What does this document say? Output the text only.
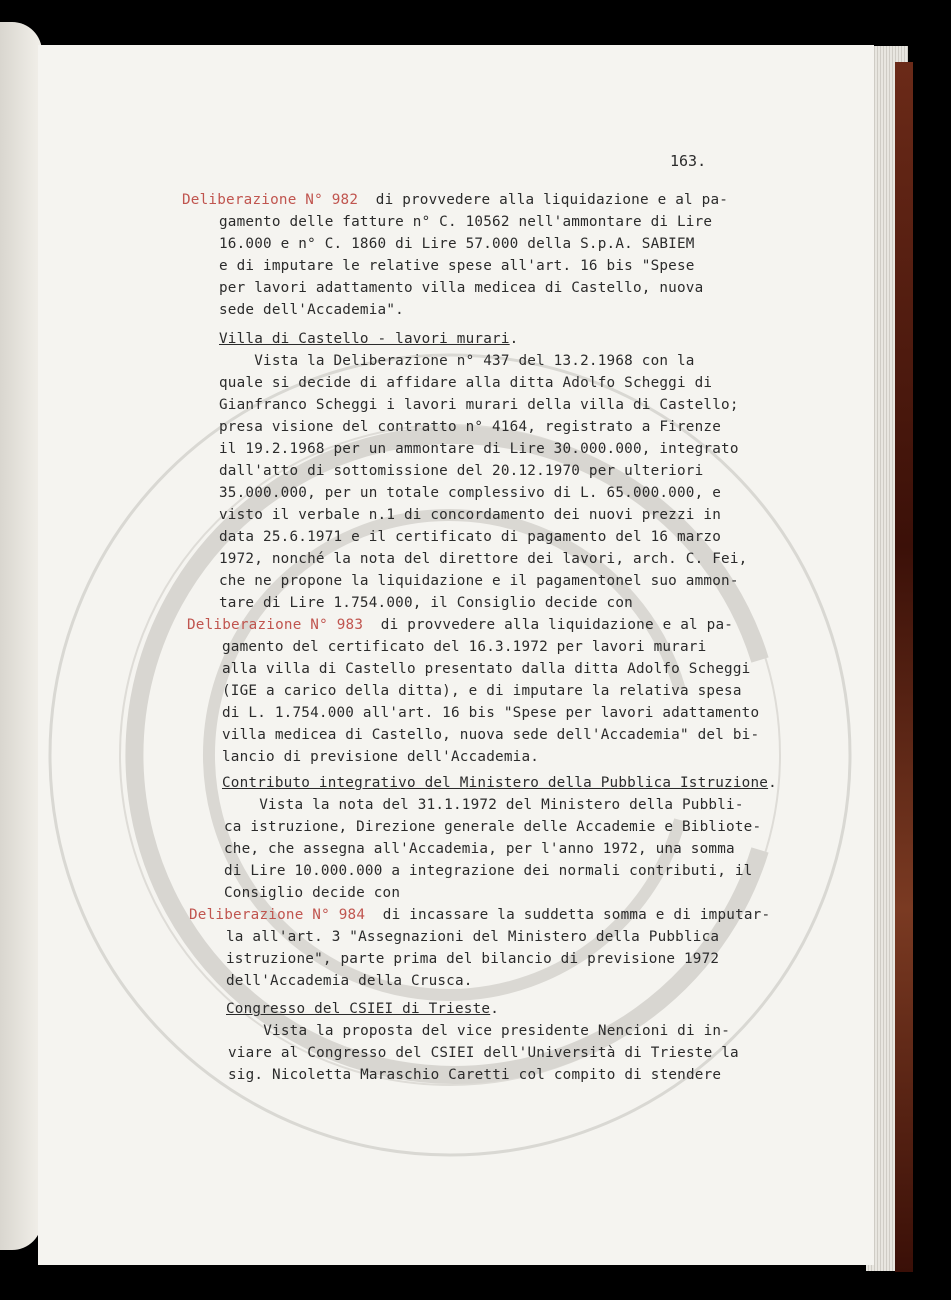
163.
Deliberazione N° 982  di provvedere alla liquidazione e al pa-
gamento delle fatture n° C. 10562 nell'ammontare di Lire
16.000 e n° C. 1860 di Lire 57.000 della S.p.A. SABIEM
e di imputare le relative spese all'art. 16 bis "Spese
per lavori adattamento villa medicea di Castello, nuova
sede dell'Accademia".
Villa di Castello - lavori murari.
Vista la Deliberazione n° 437 del 13.2.1968 con la
quale si decide di affidare alla ditta Adolfo Scheggi di
Gianfranco Scheggi i lavori murari della villa di Castello;
presa visione del contratto n° 4164, registrato a Firenze
il 19.2.1968 per un ammontare di Lire 30.000.000, integrato
dall'atto di sottomissione del 20.12.1970 per ulteriori
35.000.000, per un totale complessivo di L. 65.000.000, e
visto il verbale n.1 di concordamento dei nuovi prezzi in
data 25.6.1971 e il certificato di pagamento del 16 marzo
1972, nonché la nota del direttore dei lavori, arch. C. Fei,
che ne propone la liquidazione e il pagamentonel suo ammon-
tare di Lire 1.754.000, il Consiglio decide con
Deliberazione N° 983  di provvedere alla liquidazione e al pa-
gamento del certificato del 16.3.1972 per lavori murari
alla villa di Castello presentato dalla ditta Adolfo Scheggi
(IGE a carico della ditta), e di imputare la relativa spesa
di L. 1.754.000 all'art. 16 bis "Spese per lavori adattamento
villa medicea di Castello, nuova sede dell'Accademia" del bi-
lancio di previsione dell'Accademia.
Contributo integrativo del Ministero della Pubblica Istruzione.
Vista la nota del 31.1.1972 del Ministero della Pubbli-
ca istruzione, Direzione generale delle Accademie e Bibliote-
che, che assegna all'Accademia, per l'anno 1972, una somma
di Lire 10.000.000 a integrazione dei normali contributi, il
Consiglio decide con
Deliberazione N° 984  di incassare la suddetta somma e di imputar-
la all'art. 3 "Assegnazioni del Ministero della Pubblica
istruzione", parte prima del bilancio di previsione 1972
dell'Accademia della Crusca.
Congresso del CSIEI di Trieste.
Vista la proposta del vice presidente Nencioni di in-
viare al Congresso del CSIEI dell'Università di Trieste la
sig. Nicoletta Maraschio Caretti col compito di stendere
